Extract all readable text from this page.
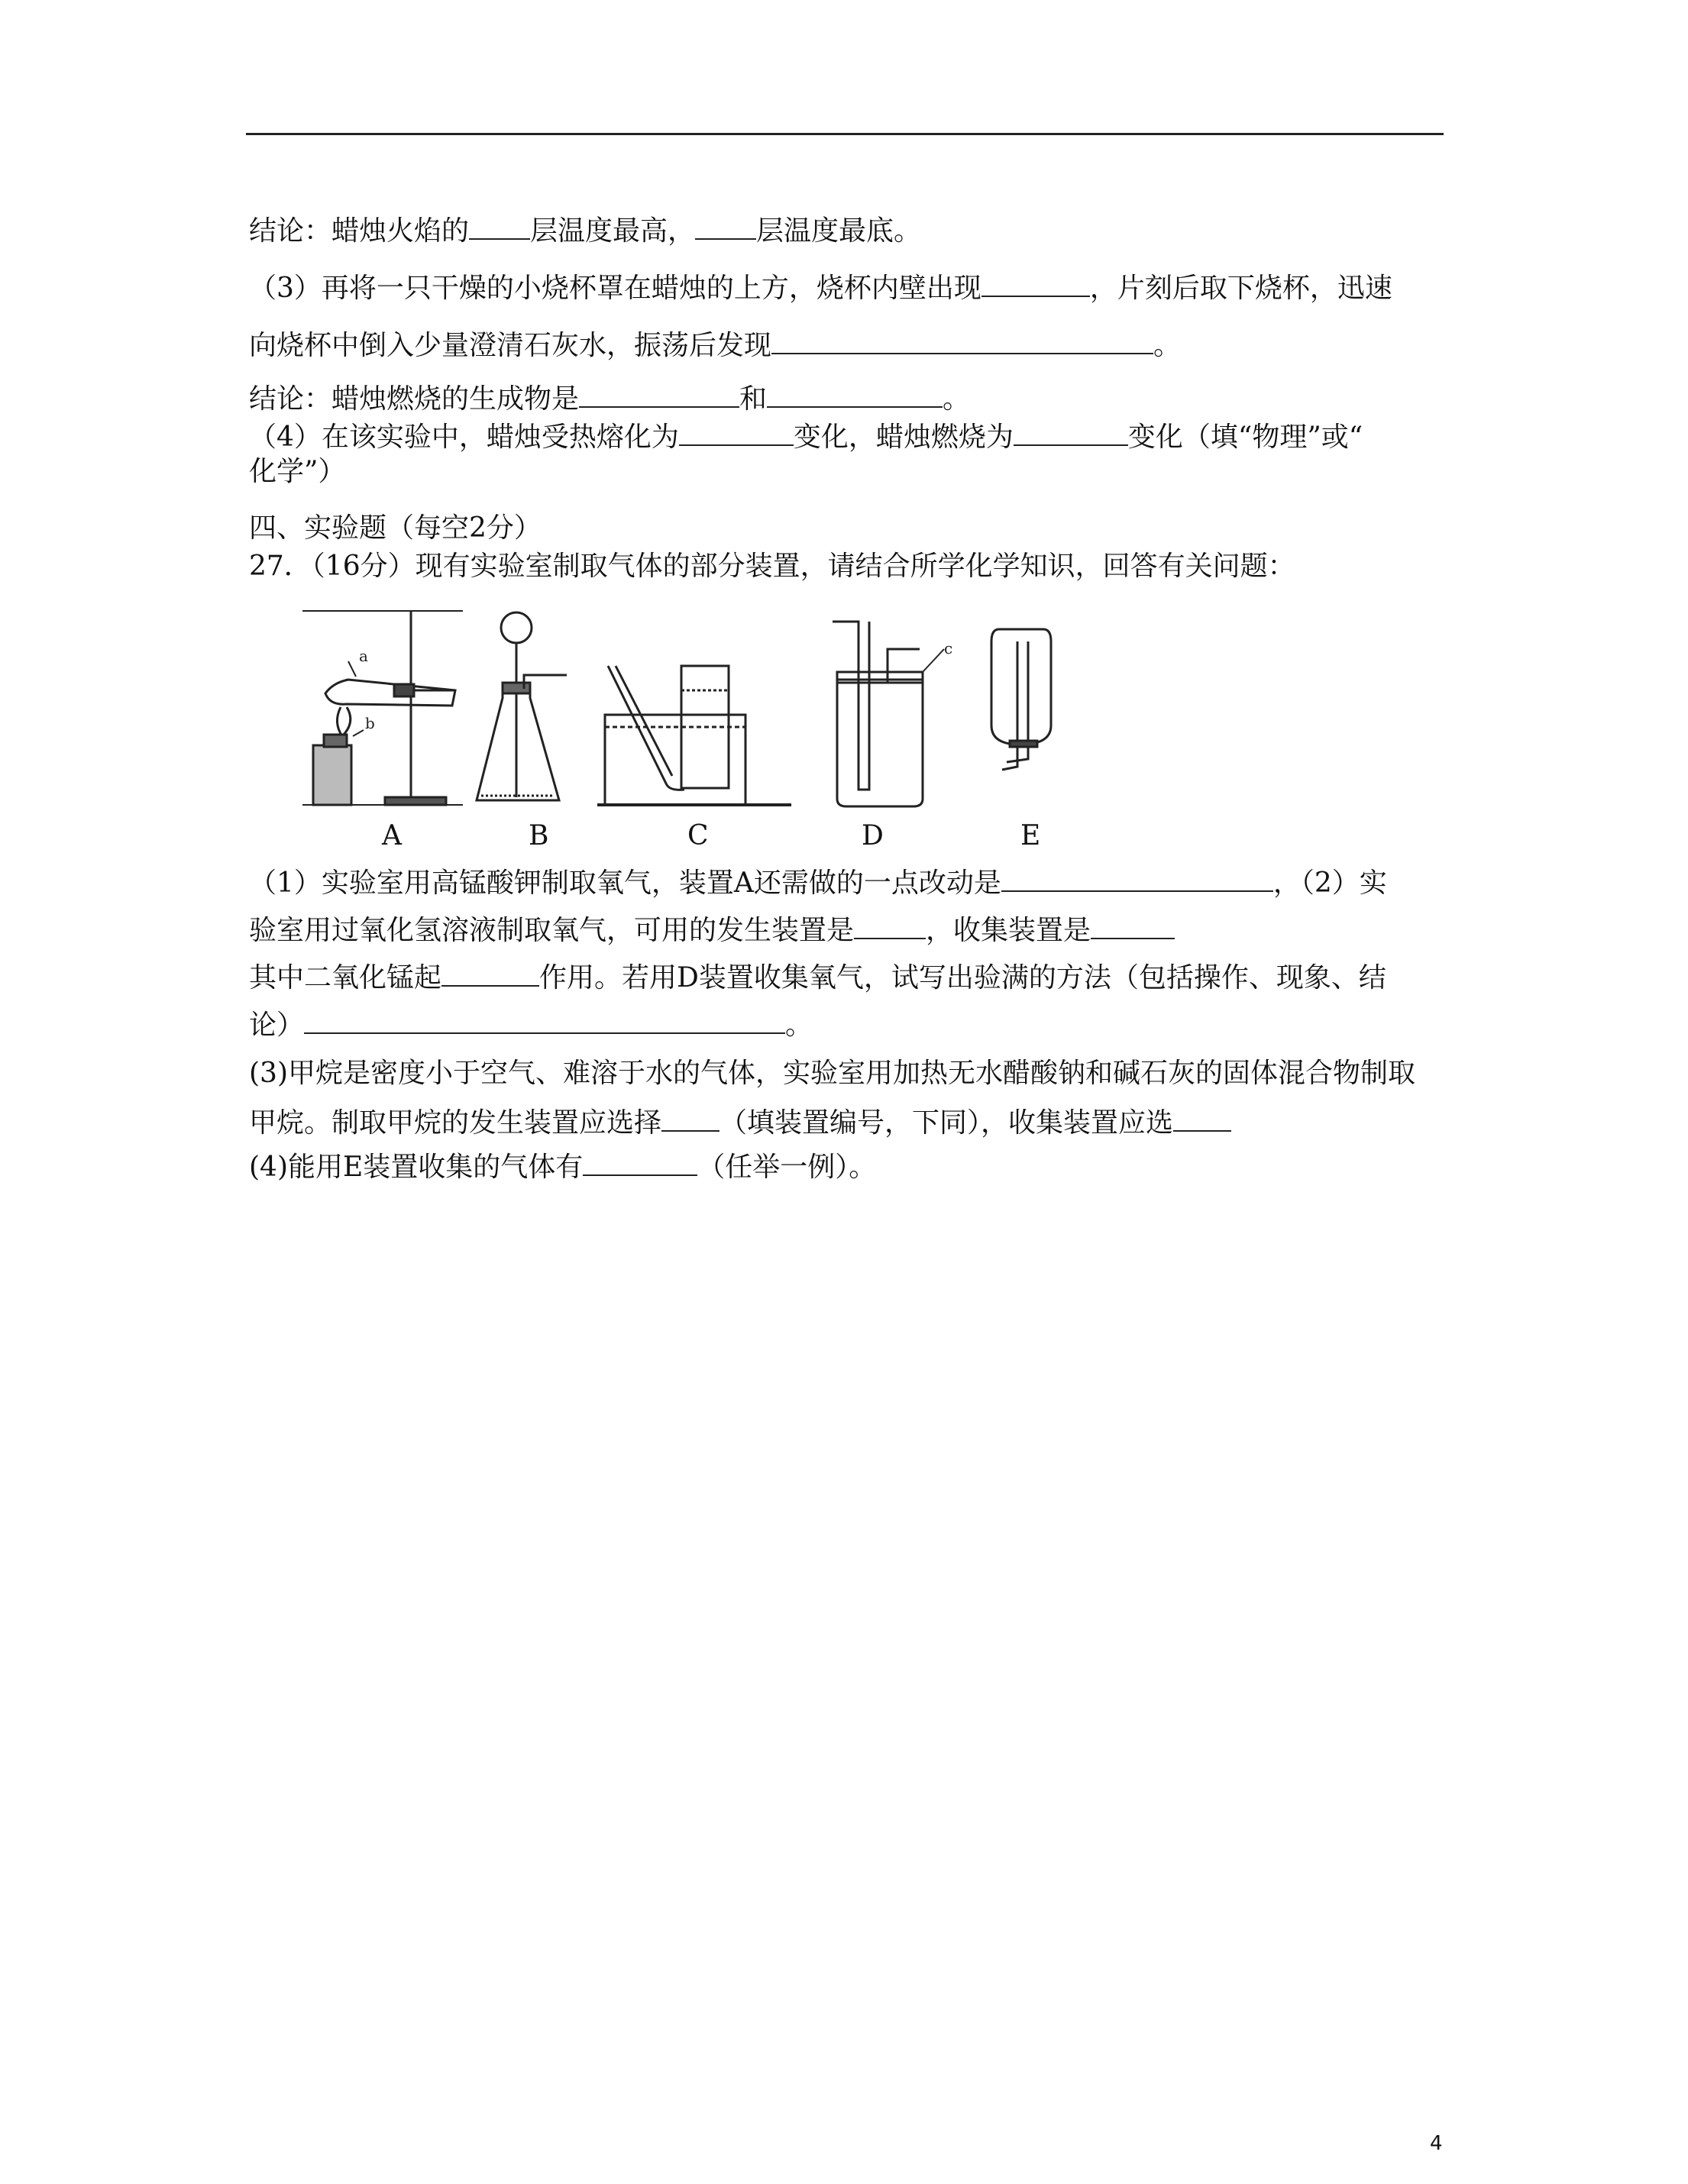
结论：蜡烛火焰的 层温度最高， 层温度最底。
（3）再将一只干燥的小烧杯罩在蜡烛的上方，烧杯内壁出现	，片刻后取下烧杯，迅速
向烧杯中倒入少量澄清石灰水，振荡后发现	。
结论：蜡烛燃烧的生成物是	和	。
（4）在该实验中，蜡烛受热熔化为	变化，蜡烛燃烧为	变化（填“物理”或“
化学”）
四、实验题（每空2分）
27．（16分）现有实验室制取气体的部分装置，请结合所学化学知识，回答有关问题：
a
b
c
A	B	C	D	E
（1）实验室用高锰酸钾制取氧气，装置A还需做的一点改动是	，（2）实
验室用过氧化氢溶液制取氧气，可用的发生装置是	，收集装置是
其中二氧化锰起	作用。若用D装置收集氧气，试写出验满的方法（包括操作、现象、结
论）	。
(3)甲烷是密度小于空气、难溶于水的气体，实验室用加热无水醋酸钠和碱石灰的固体混合物制取
甲烷。制取甲烷的发生装置应选择 （填装置编号，下同），收集装置应选
(4)能用E装置收集的气体有	（任举一例）。
4
